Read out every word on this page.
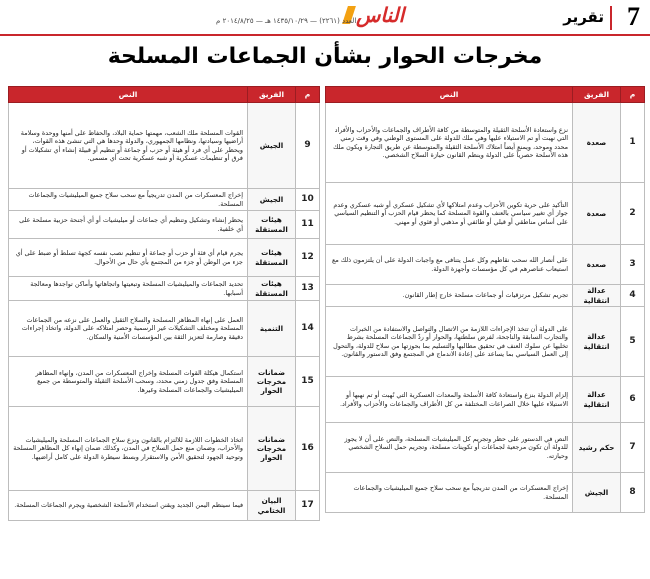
7
تقرير
الناس
العدد (٢٢٦١) — ١٤٣٥/١٠/٢٩ هـ — ٢٠١٤/٨/٢٥ م
مخرجات الحوار بشأن الجماعات المسلحة
م	الفريق	النص
1	صعدة	نزع واستعادة الأسلحة الثقيلة والمتوسطة من كافة الأطراف والجماعات والأحزاب والأفراد التي نهبت أو تم الاستيلاء عليها وهي ملك للدولة على المستوى الوطني وفي وقت زمني محدد وموحد، ويمنع أيضاً امتلاك الأسلحة الثقيلة والمتوسطة عن طريق التجارة ويكون ملك هذه الأسلحة حصرياً على الدولة وينظم القانون حيازة السلاح الشخصي.
2	صعدة	التأكيد على حرية تكوين الأحزاب وعدم امتلاكها لأي تشكيل عسكري أو شبه عسكري وعدم جواز أي تغيير سياسي بالعنف والقوة المسلحة كما يحظر قيام الحزب أو التنظيم السياسي على أساس مناطقي أو قبلي أو طائفي أو مذهبي أو فئوي أو مهني.
3	صعدة	على أنصار الله سحب نقاطهم وكل عمل يتنافى مع واجبات الدولة على أن يلتزمون ذلك مع استيعاب عناصرهم في كل مؤسسات وأجهزة الدولة.
4	عدالة انتقالية	تجريم تشكيل مرتزقيات أو جماعات مسلحة خارج إطار القانون.
5	عدالة انتقالية	على الدولة أن تتخذ الإجراءات اللازمة من الاتصال والتواصل والاستفادة من الخبرات والتجارب السابقة والناجحة، لفرض سلطتها، والحوار أو ردّ الجماعات المسلحة بشرط تخليها عن سلوك العنف في تحقيق مطالبها والتسليم بما بحوزتها من سلاح للدولة، والتحول إلى العمل السياسي بما يساعد على إعادة الاندماج في المجتمع وفق الدستور والقانون.
6	عدالة انتقالية	إلزام الدولة بنزع واستعادة كافة الأسلحة والمعدات العسكرية التي نُهبت أو تم نهبها أو الاستيلاء عليها خلال الصراعات المختلفة من كل الأطراف والجماعات والأحزاب والأفراد.
7	حكم رشيد	النص في الدستور على حظر وتجريم كل الميليشيات المسلحة، والنص على أن لا يجوز للدولة أن تكون مرجعية لجماعات أو تكوينات مسلحة، وتجريم حمل السلاح الشخصي وحيازته.
8	الجيش	إخراج المعسكرات من المدن تدريجياً مع سحب سلاح جميع الميليشيات والجماعات المسلحة.
م	الفريق	النص
9	الجيش	القوات المسلحة ملك الشعب، مهمتها حماية البلاد، والحفاظ على أمنها ووحدة وسلامة أراضيها وسيادتها، ونظامها الجمهوري، والدولة وحدها هي التي تنشئ هذه القوات، ويحظر على أي فرد أو هيئة أو حزب أو جماعة أو تنظيم أو قبيلة إنشاء أي تشكيلات أو فرق أو تنظيمات عسكرية أو شبه عسكرية تحت أي مسمى.
10	الجيش	إخراج المعسكرات من المدن تدريجياً مع سحب سلاح جميع الميليشيات والجماعات المسلحة.
11	هيئات المستقلة	يحظر إنشاء وتشكيل وتنظيم أي جماعات أو ميليشيات أو أي أجنحة حزبية مسلحة على أي خلفية.
12	هيئات المستقلة	يجرم قيام أي فئة أو حزب أو جماعة أو تنظيم نصب نفسه كجهة تسلط أو ضبط على أي جزء من الوطن أو جزء من المجتمع بأي حال من الأحوال.
13	هيئات المستقلة	تحديد الجماعات والميليشيات المسلحة وتبعيتها واتجاهاتها وأماكن تواجدها ومعالجة أسبابها.
14	التنمية	العمل على إنهاء المظاهر المسلحة والسلاح الثقيل والعمل على نزعه من الجماعات المسلحة ومختلف التشكيلات غير الرسمية وحصر امتلاكه على الدولة، واتخاذ إجراءات دقيقة وصارمة لتعزيز الثقة بين المؤسسات الأمنية والسكان.
15	ضمانات مخرجات الحوار	استكمال هيكلة القوات المسلحة وإخراج المعسكرات من المدن، وإنهاء المظاهر المسلحة وفق جدول زمني محدد، وسحب الأسلحة الثقيلة والمتوسطة من جميع الميليشيات والجماعات المسلحة وغيرها.
16	ضمانات مخرجات الحوار	اتخاذ الخطوات اللازمة للالتزام بالقانون ونزع سلاح الجماعات المسلحة والميليشيات والأحزاب، وضمان منع حمل السلاح في المدن، وكذلك ضمان إنهاء كل المظاهر المسلحة وتوحيد الجهود لتحقيق الأمن والاستقرار وبسط سيطرة الدولة على كامل أراضيها.
17	البيان الختامي	فيما سينظم اليمن الجديد ويقنن استخدام الأسلحة الشخصية ويجرم الجماعات المسلحة.
